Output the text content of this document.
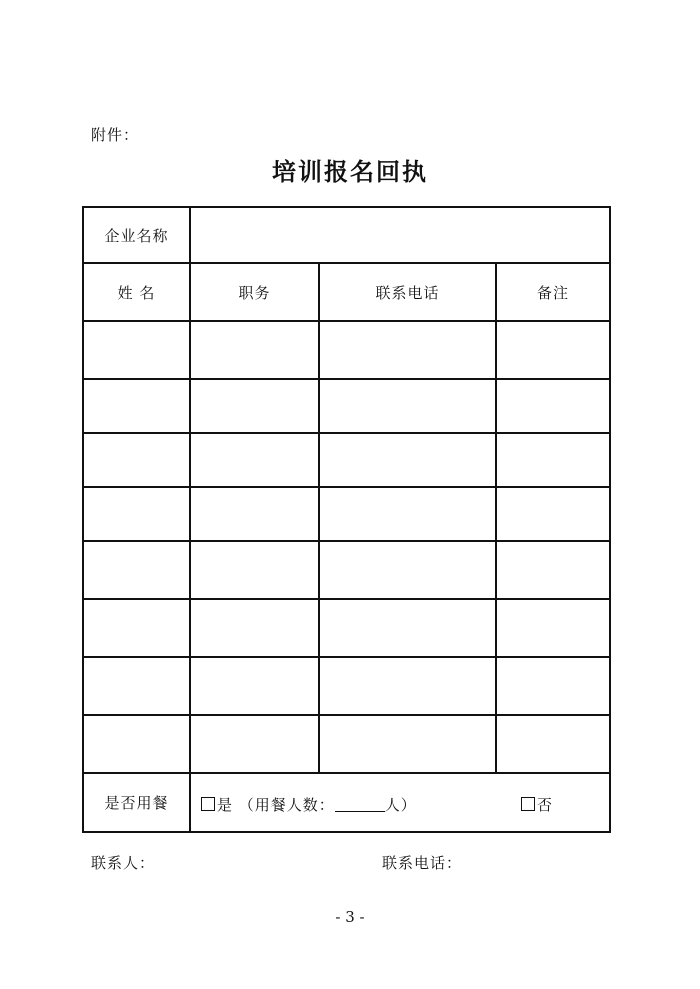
附件：
培训报名回执
企业名称			
姓 名	职务	联系电话	备注

是否用餐	是 （用餐人数： 人） 否		
联系人：	联系电话：
- 3 -
